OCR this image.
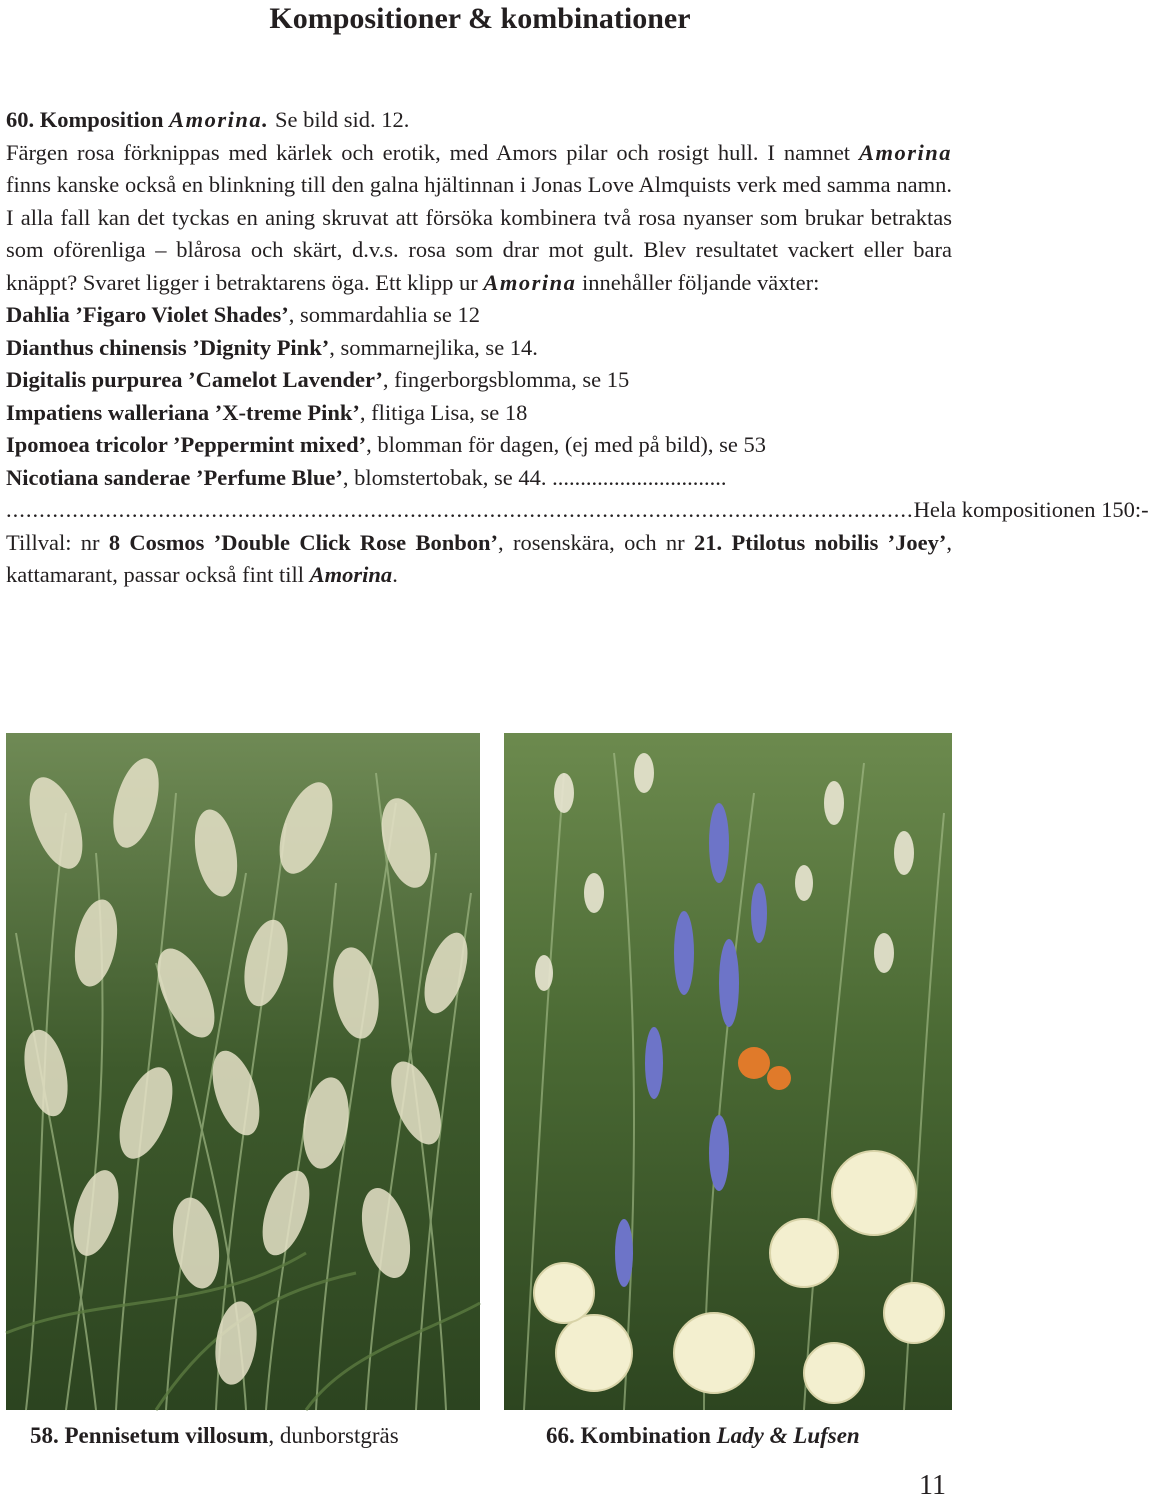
Kompositioner & kombinationer

60. Komposition Amorina. Se bild sid. 12.
Färgen rosa förknippas med kärlek och erotik, med Amors pilar och rosigt hull. I namnet Amorina finns kanske också en blinkning till den galna hjältinnan i Jonas Love Almquists verk med samma namn. I alla fall kan det tyckas en aning skruvat att försöka kombinera två rosa nyanser som brukar betraktas som oförenliga – blårosa och skärt, d.v.s. rosa som drar mot gult. Blev resultatet vackert eller bara knäppt? Svaret ligger i betraktarens öga. Ett klipp ur Amorina innehåller följande växter:

Dahlia ’Figaro Violet Shades’, sommardahlia se 12
Dianthus chinensis ’Dignity Pink’, sommarnejlika, se 14.
Digitalis purpurea ’Camelot Lavender’, fingerborgsblomma, se 15
Impatiens walleriana ’X-treme Pink’, flitiga Lisa, se 18
Ipomoea tricolor ’Peppermint mixed’, blomman för dagen, (ej med på bild), se 53
Nicotiana sanderae ’Perfume Blue’, blomstertobak, se 44. ...............................
......................................................................................................................................... Hela kompositionen 150:-

Tillval: nr 8 Cosmos ’Double Click Rose Bonbon’, rosenskära, och nr 21. Ptilotus nobilis ’Joey’, kattamarant, passar också fint till Amorina.

58. Pennisetum villosum, dunborstgräs	66. Kombination Lady & Lufsen
11
